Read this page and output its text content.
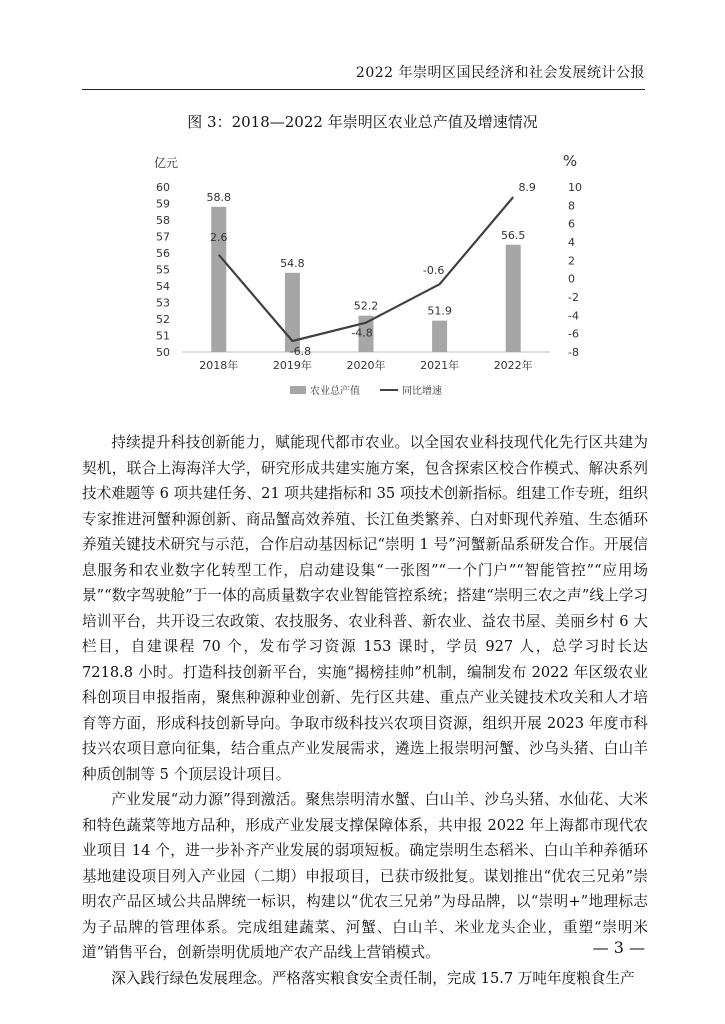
2022 年崇明区国民经济和社会发展统计公报
图 3：2018—2022 年崇明区农业总产值及增速情况
亿元	%
50
51
52
53
54
55
56
57
58
59
60
-8
-6
-4
-2
0
2
4
6
8
10
58.8
54.8
52.2	51.9
56.5
2018年	2019年	2020年	2021年	2022年
2.6
-6.8
-4.8
-0.6
8.9
农业总产值	同比增速

持续提升科技创新能力，赋能现代都市农业。以全国农业科技现代化先行区共建为契机，联合上海海洋大学，研究形成共建实施方案，包含探索区校合作模式、解决系列技术难题等 6 项共建任务、21 项共建指标和 35 项技术创新指标。组建工作专班，组织专家推进河蟹种源创新、商品蟹高效养殖、长江鱼类繁养、白对虾现代养殖、生态循环养殖关键技术研究与示范，合作启动基因标记“崇明 1 号”河蟹新品系研发合作。开展信息服务和农业数字化转型工作，启动建设集“一张图”“一个门户”“智能管控”“应用场景”“数字驾驶舱”于一体的高质量数字农业智能管控系统；搭建“崇明三农之声”线上学习培训平台，共开设三农政策、农技服务、农业科普、新农业、益农书屋、美丽乡村 6 大栏目，自建课程 70 个，发布学习资源 153 课时，学员 927 人，总学习时长达 7218.8 小时。打造科技创新平台，实施“揭榜挂帅”机制，编制发布 2022 年区级农业科创项目申报指南，聚焦种源种业创新、先行区共建、重点产业关键技术攻关和人才培育等方面，形成科技创新导向。争取市级科技兴农项目资源，组织开展 2023 年度市科技兴农项目意向征集，结合重点产业发展需求，遴选上报崇明河蟹、沙乌头猪、白山羊种质创制等 5 个顶层设计项目。

产业发展“动力源”得到激活。聚焦崇明清水蟹、白山羊、沙乌头猪、水仙花、大米和特色蔬菜等地方品种，形成产业发展支撑保障体系，共申报 2022 年上海都市现代农业项目 14 个，进一步补齐产业发展的弱项短板。确定崇明生态稻米、白山羊种养循环基地建设项目列入产业园（二期）申报项目，已获市级批复。谋划推出“优农三兄弟”崇明农产品区域公共品牌统一标识，构建以“优农三兄弟”为母品牌，以“崇明+”地理标志为子品牌的管理体系。完成组建蔬菜、河蟹、白山羊、米业龙头企业，重塑“崇明米道”销售平台，创新崇明优质地产农产品线上营销模式。

深入践行绿色发展理念。严格落实粮食安全责任制，完成 15.7 万吨年度粮食生产

— 3 —
